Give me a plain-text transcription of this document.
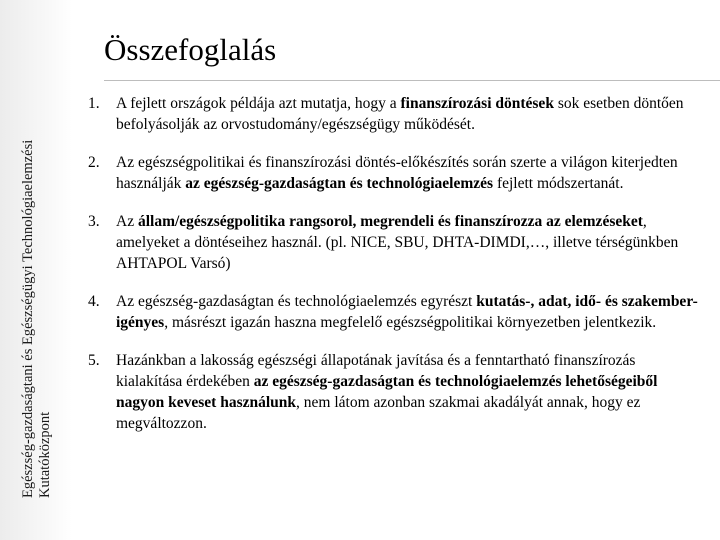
Egészség-gazdaságtani és Egészségügyi Technológiaelemzési Kutatóközpont
Összefoglalás
1. A fejlett országok példája azt mutatja, hogy a finanszírozási döntések sok esetben döntően befolyásolják az orvostudomány/egészségügy működését.
2. Az egészségpolitikai és finanszírozási döntés-előkészítés során szerte a világon kiterjedten használják az egészség-gazdaságtan és technológiaelemzés fejlett módszertanát.
3. Az állam/egészségpolitika rangsorol, megrendeli és finanszírozza az elemzéseket, amelyeket a döntéseihez használ. (pl. NICE, SBU, DHTA-DIMDI,…, illetve térségünkben AHTAPOL Varsó)
4. Az egészség-gazdaságtan és technológiaelemzés egyrészt kutatás-, adat, idő- és szakember-igényes, másrészt igazán haszna megfelelő egészségpolitikai környezetben jelentkezik.
5. Hazánkban a lakosság egészségi állapotának javítása és a fenntartható finanszírozás kialakítása érdekében az egészség-gazdaságtan és technológiaelemzés lehetőségeiből nagyon keveset használunk, nem látom azonban szakmai akadályát annak, hogy ez megváltozzon.
